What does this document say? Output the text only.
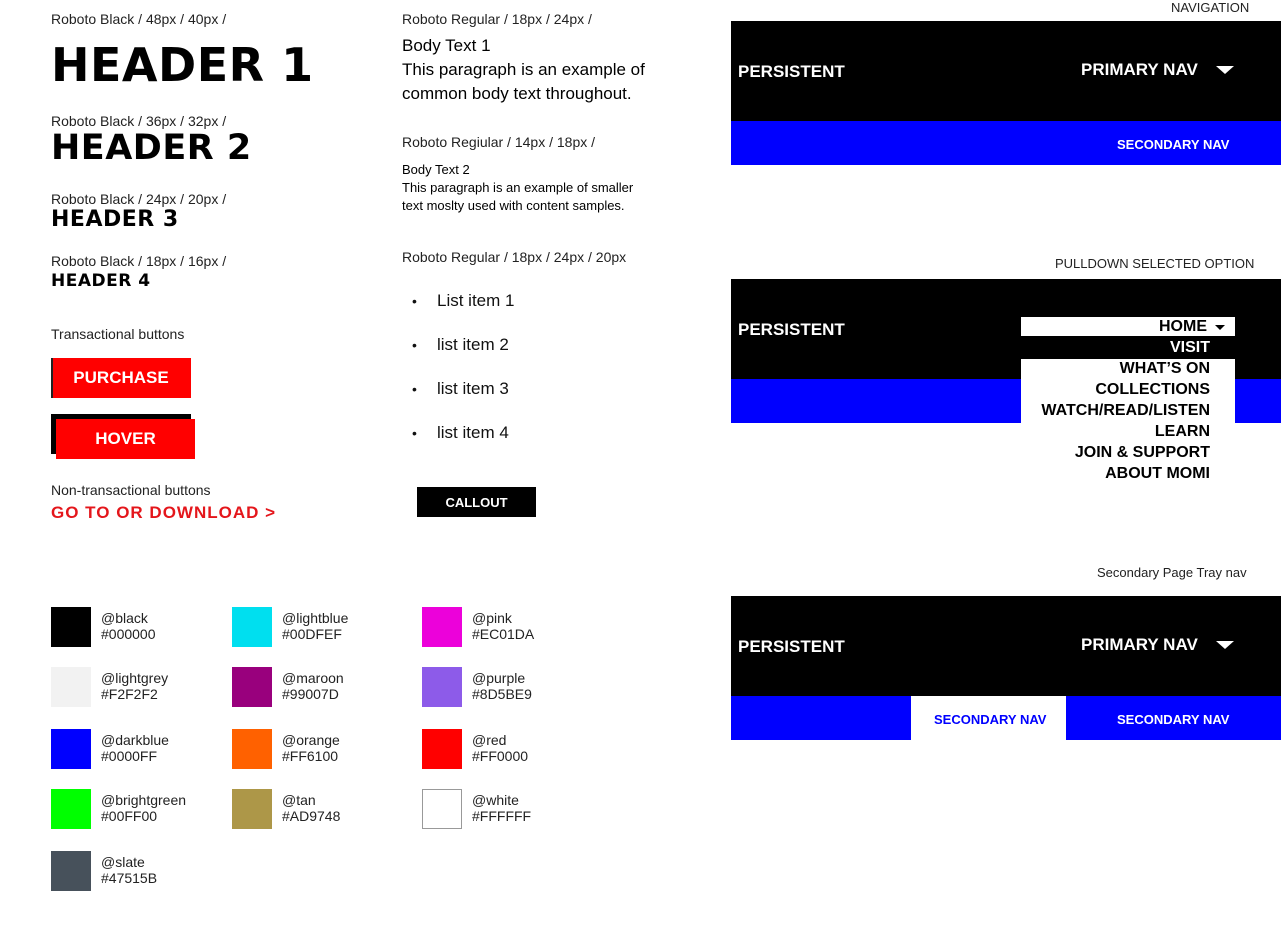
Roboto Black / 48px / 40px /
HEADER 1
Roboto Black / 36px / 32px /
HEADER 2
Roboto Black / 24px / 20px /
HEADER 3
Roboto Black / 18px / 16px /
HEADER 4
Transactional buttons
PURCHASE
HOVER
Non-transactional buttons
GO TO OR DOWNLOAD >
Roboto Regular / 18px / 24px /
Body Text 1
This paragraph is an example of
common body text throughout.
Roboto Regiular / 14px / 18px /
Body Text 2
This paragraph is an example of smaller
text moslty used with content samples.
Roboto Regular / 18px / 24px / 20px
• List item 1
• list item 2
• list item 3
• list item 4
CALLOUT
@black
#000000
@lightgrey
#F2F2F2
@darkblue
#0000FF
@brightgreen
#00FF00
@slate
#47515B
@lightblue
#00DFEF
@maroon
#99007D
@orange
#FF6100
@tan
#AD9748
@pink
#EC01DA
@purple
#8D5BE9
@red
#FF0000
@white
#FFFFFF
NAVIGATION
PERSISTENT	PRIMARY NAV
SECONDARY NAV
PULLDOWN SELECTED OPTION
PERSISTENT	HOME
VISIT
WHAT’S ON
COLLECTIONS
WATCH/READ/LISTEN
LEARN
JOIN & SUPPORT
ABOUT MOMI
Secondary Page Tray nav
PERSISTENT	PRIMARY NAV
SECONDARY NAV	SECONDARY NAV
